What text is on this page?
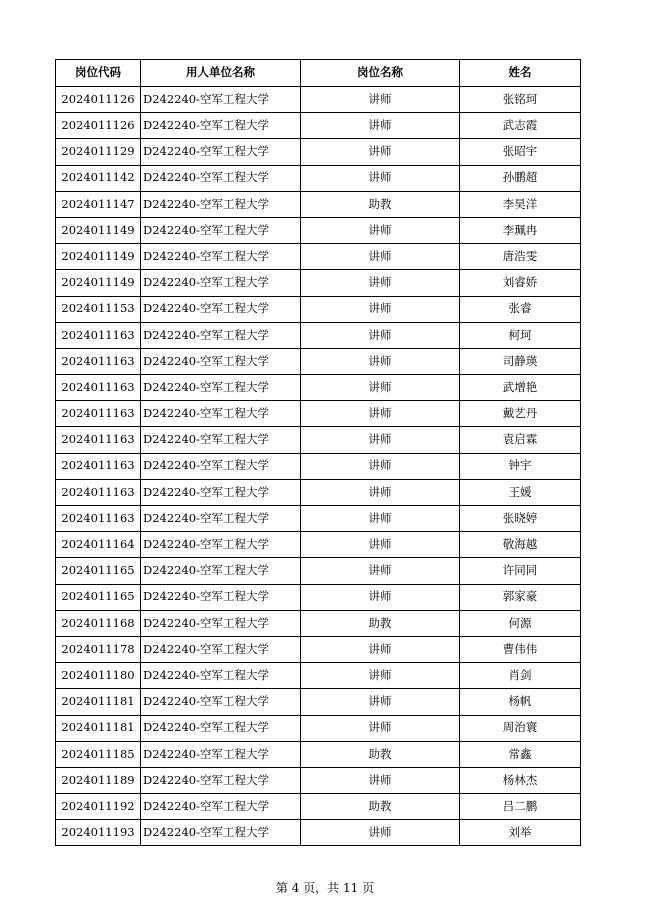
岗位代码	用人单位名称	岗位名称	姓名
2024011126	D242240-空军工程大学	讲师	张铭珂
2024011126	D242240-空军工程大学	讲师	武志霞
2024011129	D242240-空军工程大学	讲师	张昭宇
2024011142	D242240-空军工程大学	讲师	孙鹏超
2024011147	D242240-空军工程大学	助教	李昊洋
2024011149	D242240-空军工程大学	讲师	李珮冉
2024011149	D242240-空军工程大学	讲师	唐浩雯
2024011149	D242240-空军工程大学	讲师	刘睿娇
2024011153	D242240-空军工程大学	讲师	张睿
2024011163	D242240-空军工程大学	讲师	柯珂
2024011163	D242240-空军工程大学	讲师	司静瑛
2024011163	D242240-空军工程大学	讲师	武增艳
2024011163	D242240-空军工程大学	讲师	戴艺丹
2024011163	D242240-空军工程大学	讲师	袁启霖
2024011163	D242240-空军工程大学	讲师	钟宇
2024011163	D242240-空军工程大学	讲师	王媛
2024011163	D242240-空军工程大学	讲师	张晓婷
2024011164	D242240-空军工程大学	讲师	敬海越
2024011165	D242240-空军工程大学	讲师	许同同
2024011165	D242240-空军工程大学	讲师	郭家豪
2024011168	D242240-空军工程大学	助教	何源
2024011178	D242240-空军工程大学	讲师	曹伟伟
2024011180	D242240-空军工程大学	讲师	肖剑
2024011181	D242240-空军工程大学	讲师	杨帆
2024011181	D242240-空军工程大学	讲师	周治寰
2024011185	D242240-空军工程大学	助教	常鑫
2024011189	D242240-空军工程大学	讲师	杨林杰
2024011192	D242240-空军工程大学	助教	吕二鹏
2024011193	D242240-空军工程大学	讲师	刘举
第 4 页，共 11 页
